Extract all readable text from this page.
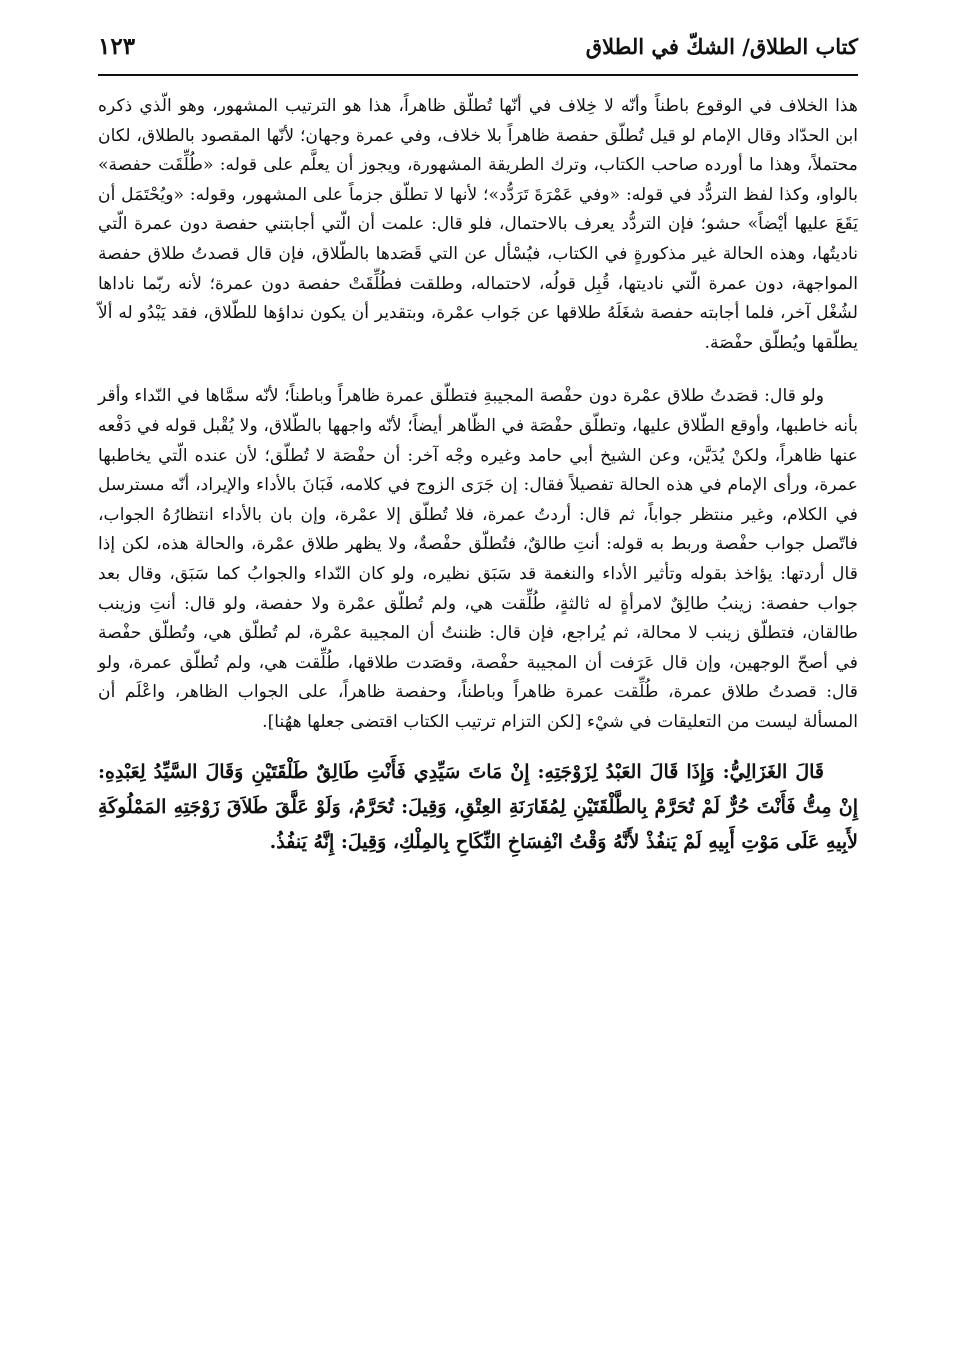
كتاب الطلاق/ الشكّ في الطلاق
١٢٣

هذا الخلاف في الوقوع باطناً وأنّه لا خِلاف في أنّها تُطلّق ظاهراً، هذا هو الترتيب المشهور، وهو الّذي ذكره ابن الحدّاد وقال الإمام لو قيل تُطلّق حفصة ظاهراً بلا خلاف، وفي عمرة وجهان؛ لأنّها المقصود بالطلاق، لكان محتملاً، وهذا ما أورده صاحب الكتاب، وترك الطريقة المشهورة، ويجوز أن يعلَّم على قوله: «طُلِّقَت حفصة» بالواو، وكذا لفظ التردُّد في قوله: «وفي عَمْرَةَ تَرَدُّد»؛ لأنها لا تطلّق جزماً على المشهور، وقوله: «ويُحْتَمَل أن يَقَعَ عليها أيْضاً» حشو؛ فإن التردُّد يعرف بالاحتمال، فلو قال: علمت أن الّتي أجابتني حفصة دون عمرة الّتي ناديتُها، وهذه الحالة غير مذكورةٍ في الكتاب، فيُسْأل عن التي قَصَدها بالطّلاق، فإن قال قصدتُ طلاق حفصة المواجهة، دون عمرة الّتي ناديتها، قُبِل قولُه، لاحتماله، وطلقت فطُلِّقَتْ حفصة دون عمرة؛ لأنه ربّما ناداها لشُغْل آخر، فلما أجابته حفصة شغَلَهُ طلاقها عن جَواب عمْرة، وبتقدير أن يكون نداؤها للطّلاق، فقد يَبْدُو له ألاّ يطلّقها ويُطلّق حفْصَة.

ولو قال: قصَدتُ طلاق عمْرة دون حفْصة المجيبةِ فتطلّق عمرة ظاهراً وباطناً؛ لأنّه سمَّاها في النّداء وأقر بأنه خاطبها، وأوقع الطّلاق عليها، وتطلّق حفْصَة في الظّاهر أيضاً؛ لأنّه واجهها بالطّلاق، ولا يُقْبل قوله في دَفْعه عنها ظاهراً، ولكنْ يُدَيَّن، وعن الشيخ أبي حامد وغيره وجْه آخر: أن حفْصَة لا تُطلّق؛ لأن عنده الّتي يخاطبها عمرة، ورأى الإمام في هذه الحالة تفصيلاً فقال: إن جَرَى الزوج في كلامه، فَبَانَ بالأداء والإيراد، أنّه مسترسل في الكلام، وغير منتظر جواباً، ثم قال: أردتُ عمرة، فلا تُطلّق إلا عمْرة، وإن بان بالأداء انتظارُهُ الجواب، فاتّصل جواب حفْصة وربط به قوله: أنتِ طالقٌ، فتُطلّق حفْصةٌ، ولا يظهر طلاق عمْرة، والحالة هذه، لكن إذا قال أردتها: يؤاخذ بقوله وتأثير الأداء والنغمة قد سَبَق نظيره، ولو كان النّداء والجوابُ كما سَبَق، وقال بعد جواب حفصة: زينبُ طالِقٌ لامرأةٍ له ثالثةٍ، طُلِّقت هي، ولم تُطلّق عمْرة ولا حفصة، ولو قال: أنتِ وزينب طالقان، فتطلّق زينب لا محالة، ثم يُراجع، فإن قال: ظننتُ أن المجيبة عمْرة، لم تُطلّق هي، وتُطلّق حفْصة في أصحّ الوجهين، وإن قال عَرَفت أن المجيبة حفْصة، وقصَدت طلاقها، طُلِّقت هي، ولم تُطلّق عمرة، ولو قال: قصدتُ طلاق عمرة، طُلِّقت عمرة ظاهراً وباطناً، وحفصة ظاهراً، على الجواب الظاهر، واعْلَم أن المسألة ليست من التعليقات في شيْء [لكن التزام ترتيب الكتاب اقتضى جعلها ههُنا].

قَالَ الغَزَالِيُّ: وَإِذَا قَالَ العَبْدُ لِزَوْجَتِهِ: إِنْ مَاتَ سَيِّدِي فَأَنْتِ طَالِقٌ طَلْقَتَيْنِ وَقَالَ السَّيِّدُ لِعَبْدِهِ: إِنْ مِتُّ فَأَنْتَ حُرٌّ لَمْ تُحَرَّمْ بِالطَّلْقَتَيْنِ لِمُقَارَنَةِ العِتْقِ، وَقِيلَ: تُحَرَّمُ، وَلَوْ عَلَّقَ طَلاَقَ زَوْجَتِهِ المَمْلُوكَةِ لأَبِيهِ عَلَى مَوْتِ أَبِيهِ لَمْ يَنفُذْ لأَنَّهُ وَقْتُ انْفِسَاخِ النِّكَاحِ بِالمِلْكِ، وَقِيلَ: إِنَّهُ يَنفُذُ.
